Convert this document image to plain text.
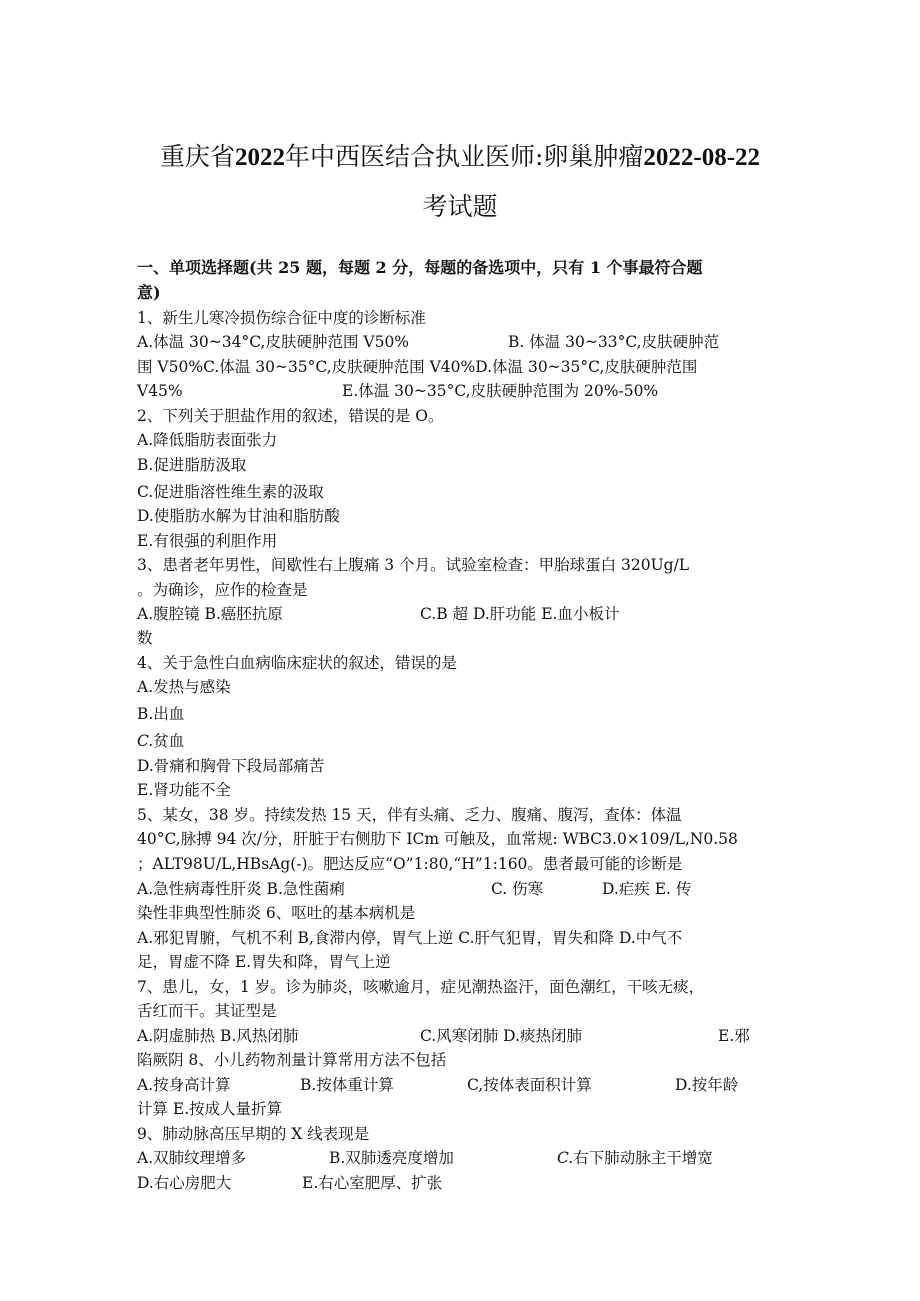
重庆省2022年中西医结合执业医师:卵巢肿瘤2022-08-22
考试题
一、单项选择题(共 25 题，每题 2 分，每题的备选项中，只有 1 个事最符合题
意)
1、新生儿寒冷损伤综合征中度的诊断标准
A.体温 30~34°C,皮肤硬肿范围 V50%	B. 体温 30~33°C,皮肤硬肿范
围 V50%C.体温 30~35°C,皮肤硬肿范围 V40%D.体温 30~35°C,皮肤硬肿范围
V45%	E.体温 30~35°C,皮肤硬肿范围为 20%-50%
2、下列关于胆盐作用的叙述，错误的是 O。
A.降低脂肪表面张力
B.促进脂肪汲取
C.促进脂溶性维生素的汲取
D.使脂肪水解为甘油和脂肪酸
E.有很强的利胆作用
3、患者老年男性，间歇性右上腹痛 3 个月。试验室检查：甲胎球蛋白 320Ug/L
。为确诊，应作的检查是
A.腹腔镜 B.癌胚抗原	C.B 超 D.肝功能 E.血小板计
数
4、关于急性白血病临床症状的叙述，错误的是
A.发热与感染
B.出血
C.贫血
D.骨痛和胸骨下段局部痛苦
E.肾功能不全
5、某女，38 岁。持续发热 15 天，伴有头痛、乏力、腹痛、腹泻，查体：体温
40°C,脉搏 94 次/分，肝脏于右侧肋下 ICm 可触及，血常规: WBC3.0×109/L,N0.58
；ALT98U/L,HBsAg(-)。肥达反应“O”1:80,“H”1:160。患者最可能的诊断是
A.急性病毒性肝炎 B.急性菌痢	C. 伤寒	D.疟疾 E. 传
染性非典型性肺炎 6、呕吐的基本病机是
A.邪犯胃腑，气机不利 B,食滞内停，胃气上逆 C.肝气犯胃，胃失和降 D.中气不
足，胃虚不降 E.胃失和降，胃气上逆
7、患儿，女，1 岁。诊为肺炎，咳嗽逾月，症见潮热盗汗，面色潮红，干咳无痰，
舌红而干。其证型是
A.阴虚肺热 B.风热闭肺	C.风寒闭肺 D.痰热闭肺	E.邪
陷厥阴 8、小儿药物剂量计算常用方法不包括
A.按身高计算	B.按体重计算	C,按体表面积计算	D.按年龄
计算 E.按成人量折算
9、肺动脉高压早期的 X 线表现是
A.双肺纹理增多	B.双肺透亮度增加	C.右下肺动脉主干增宽
D.右心房肥大	E.右心室肥厚、扩张
